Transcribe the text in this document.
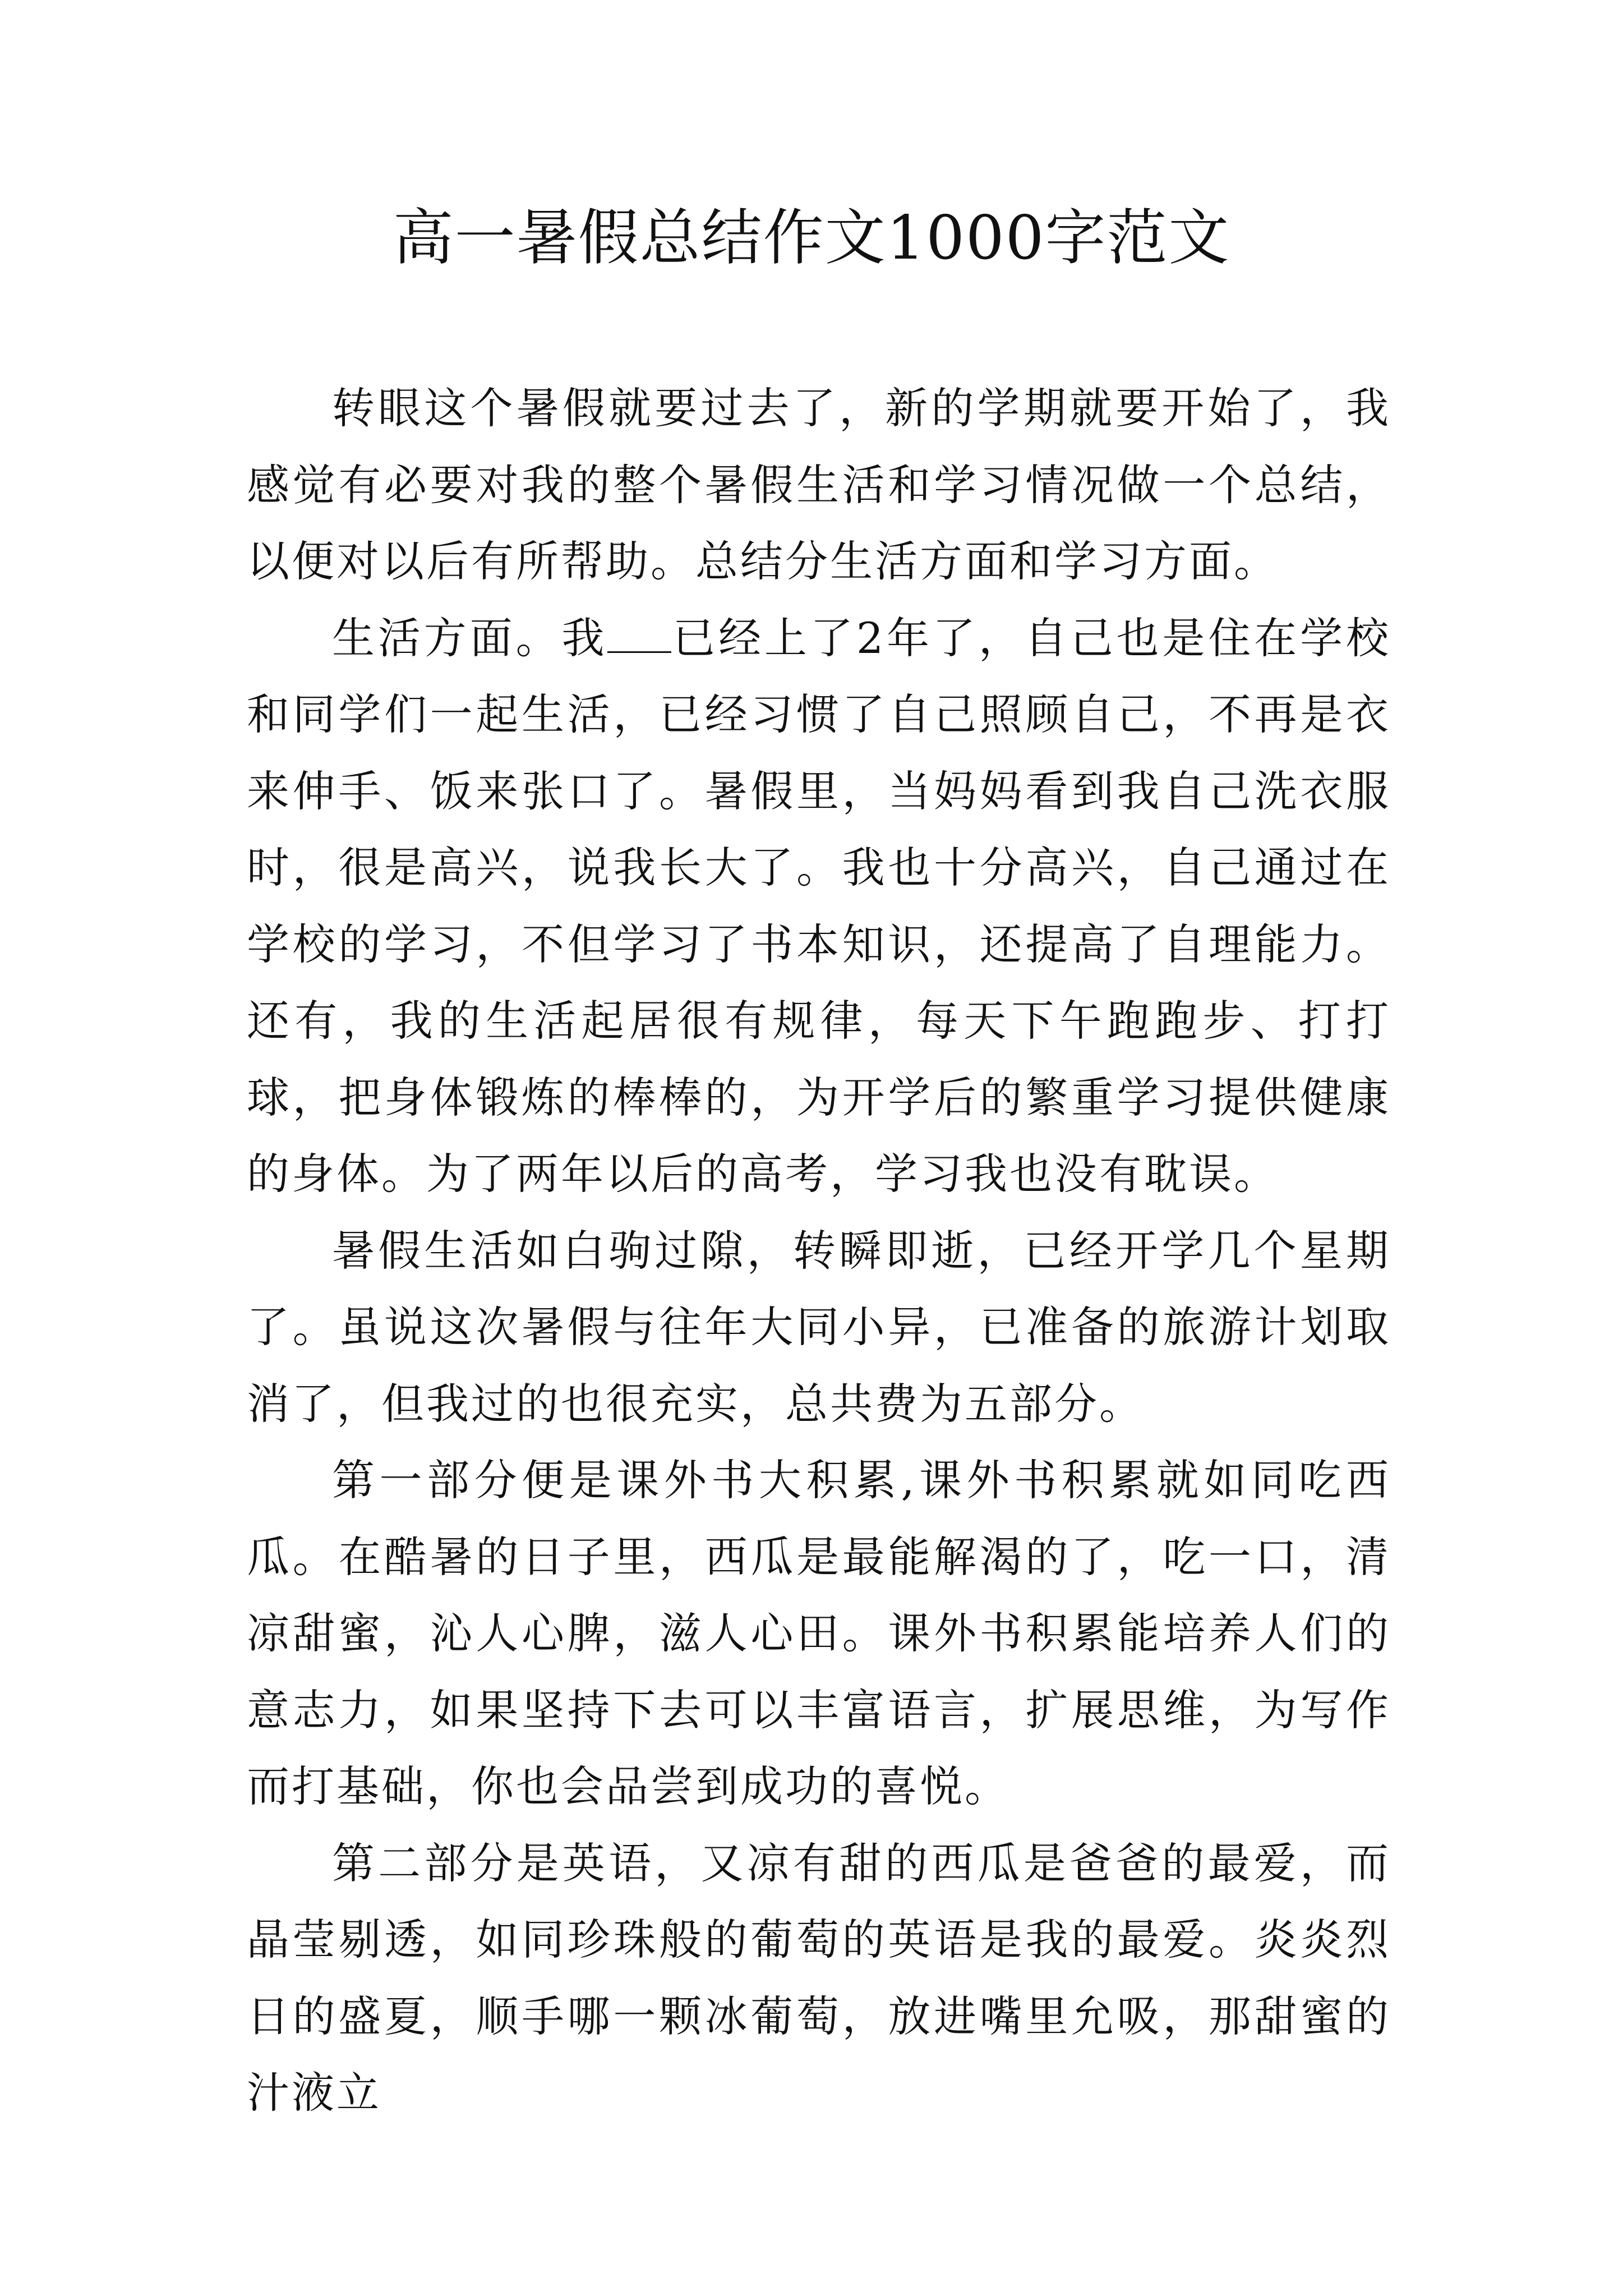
高一暑假总结作文1000字范文

转眼这个暑假就要过去了，新的学期就要开始了，我感觉有必要对我的整个暑假生活和学习情况做一个总结，以便对以后有所帮助。总结分生活方面和学习方面。

生活方面。我 已经上了2年了，自己也是住在学校和同学们一起生活，已经习惯了自己照顾自己，不再是衣来伸手、饭来张口了。暑假里，当妈妈看到我自己洗衣服时，很是高兴，说我长大了。我也十分高兴，自己通过在学校的学习，不但学习了书本知识，还提高了自理能力。还有，我的生活起居很有规律，每天下午跑跑步、打打球，把身体锻炼的棒棒的，为开学后的繁重学习提供健康的身体。为了两年以后的高考，学习我也没有耽误。

暑假生活如白驹过隙，转瞬即逝，已经开学几个星期了。虽说这次暑假与往年大同小异，已准备的旅游计划取消了，但我过的也很充实，总共费为五部分。

第一部分便是课外书大积累,课外书积累就如同吃西瓜。在酷暑的日子里，西瓜是最能解渴的了，吃一口，清凉甜蜜，沁人心脾，滋人心田。课外书积累能培养人们的意志力，如果坚持下去可以丰富语言，扩展思维，为写作而打基础，你也会品尝到成功的喜悦。

第二部分是英语，又凉有甜的西瓜是爸爸的最爱，而晶莹剔透，如同珍珠般的葡萄的英语是我的最爱。炎炎烈日的盛夏，顺手哪一颗冰葡萄，放进嘴里允吸，那甜蜜的汁液立
